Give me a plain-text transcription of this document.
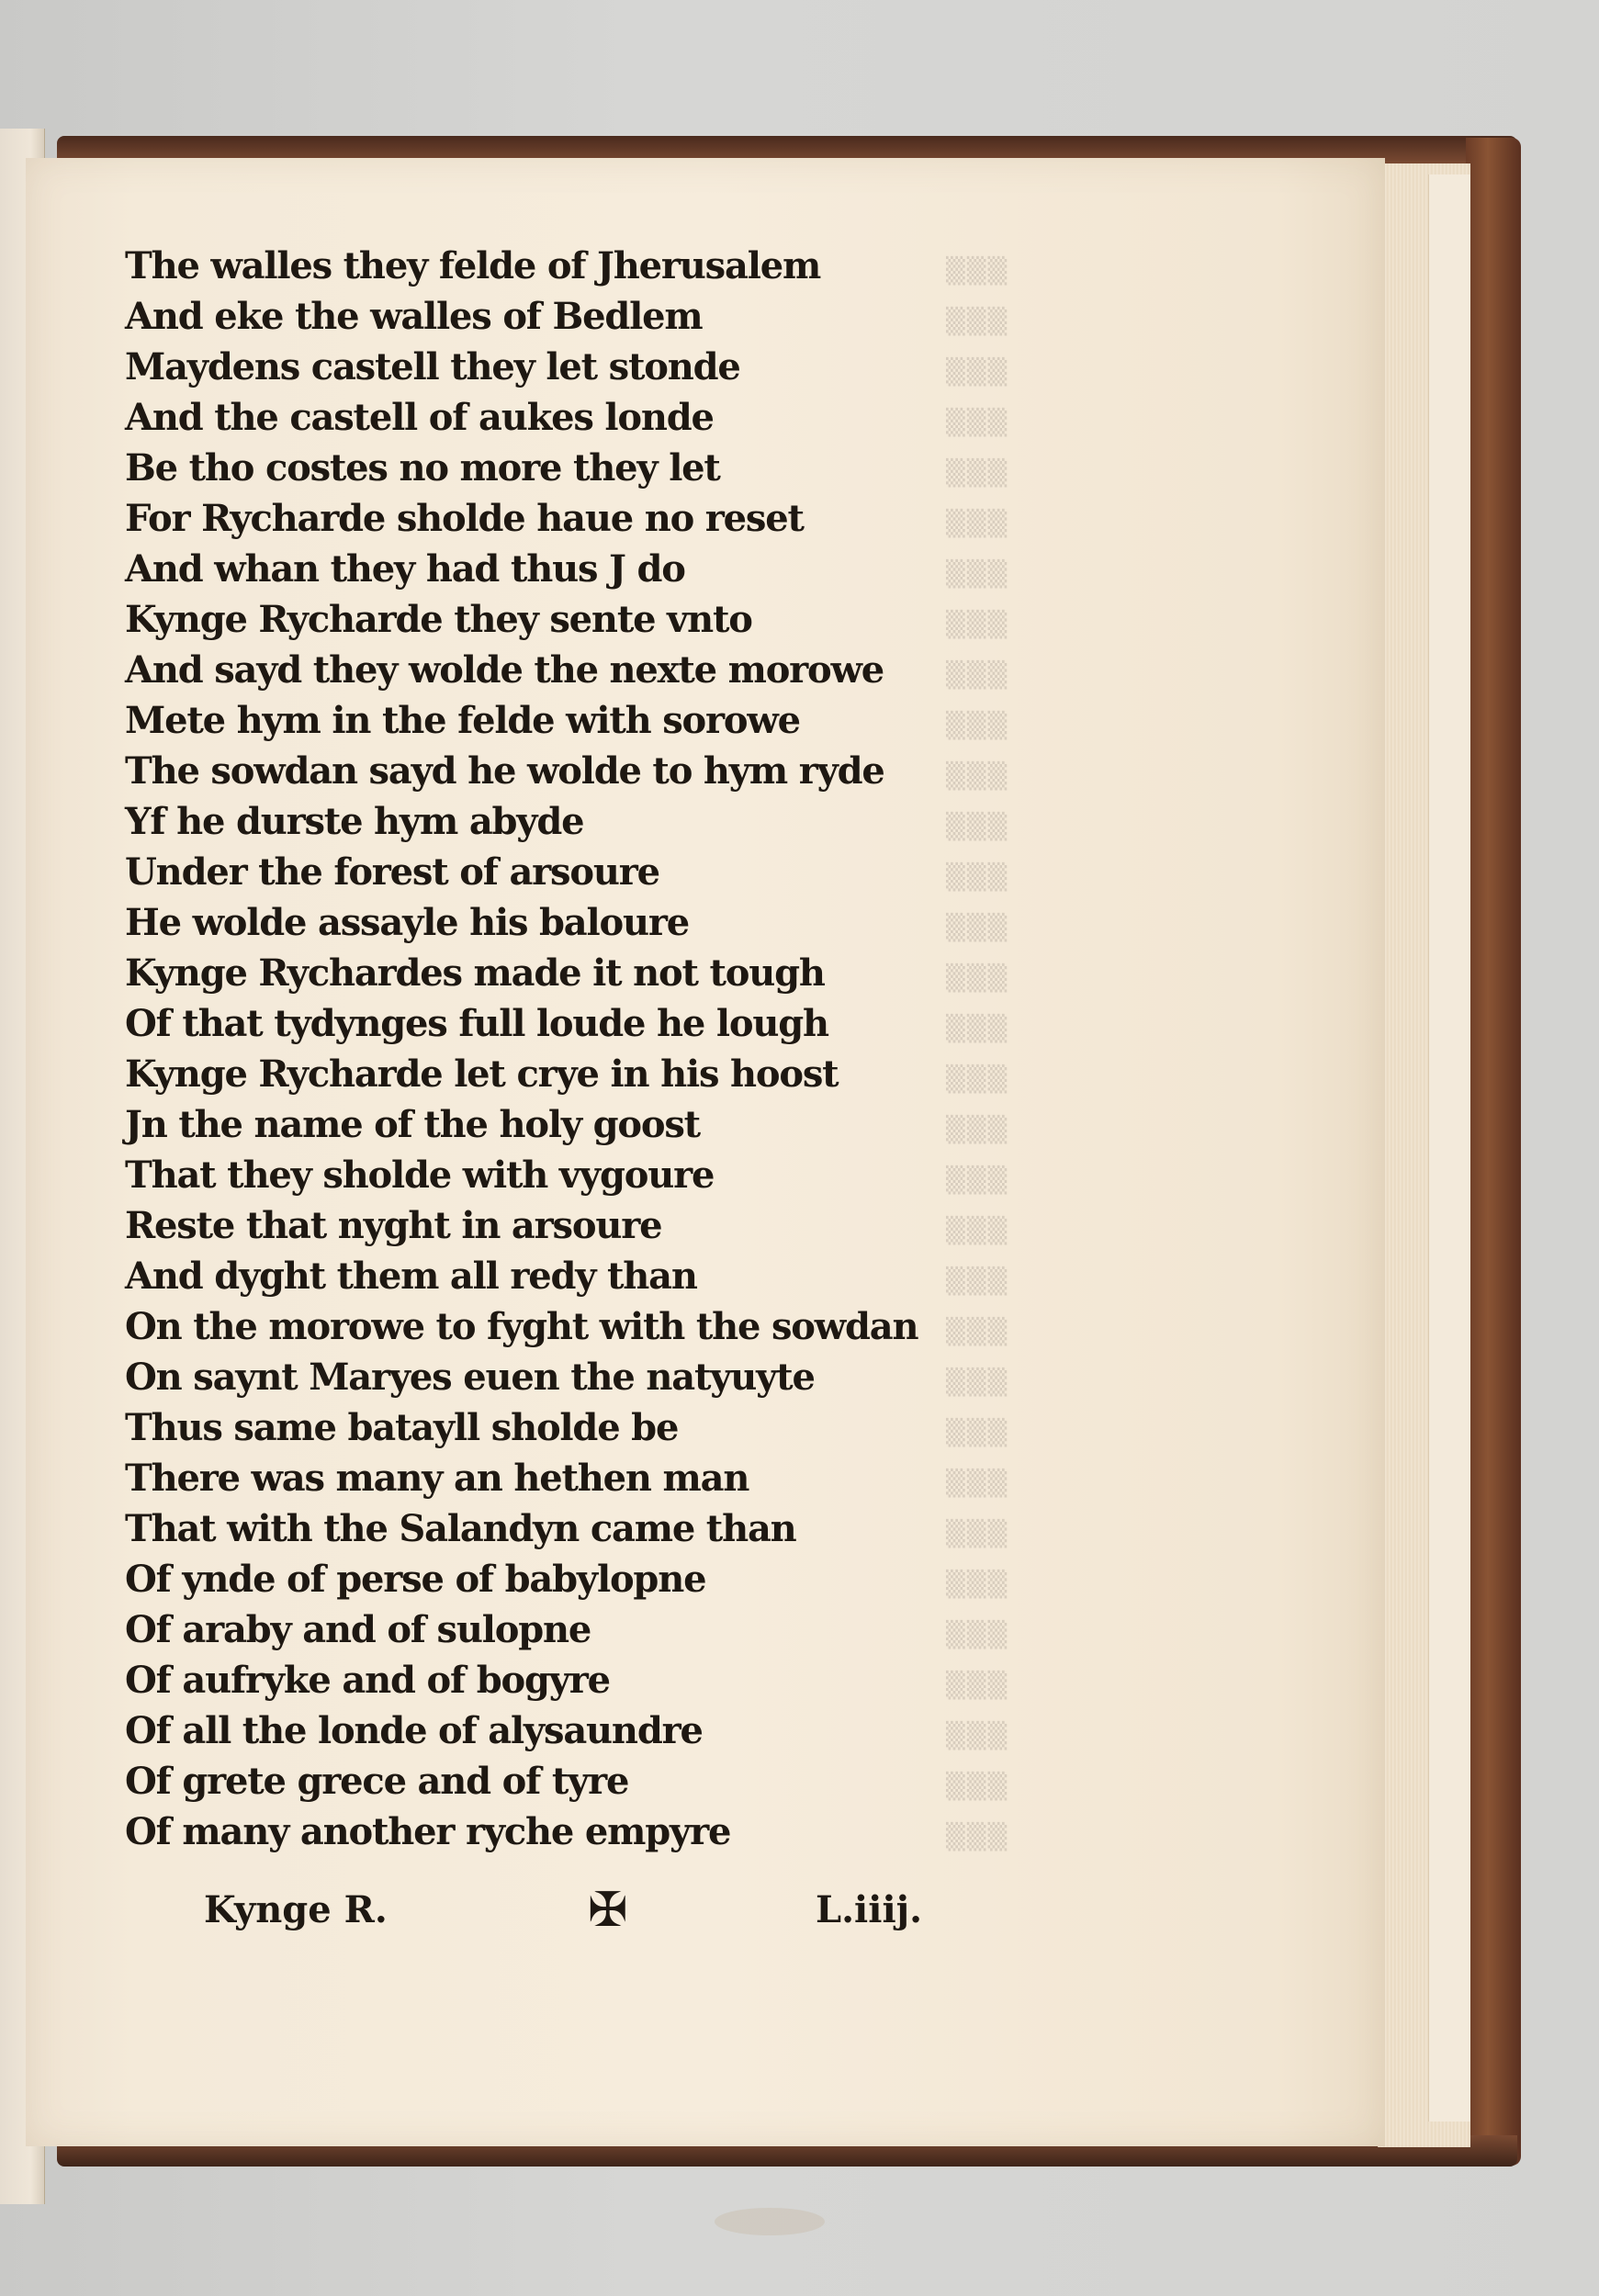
▒▒▒
▒▒▒
▒▒▒
▒▒▒
▒▒▒
▒▒▒
▒▒▒
▒▒▒
▒▒▒
▒▒▒
▒▒▒
▒▒▒
▒▒▒
▒▒▒
▒▒▒
▒▒▒
▒▒▒
▒▒▒
▒▒▒
▒▒▒
▒▒▒
▒▒▒
▒▒▒
▒▒▒
▒▒▒
▒▒▒
▒▒▒
▒▒▒
▒▒▒
▒▒▒
▒▒▒
▒▒▒
The walles they felde of Jherusalem
And eke the walles of Bedlem
Maydens castell they let stonde
And the castell of aukes londe
Be tho costes no more they let
For Rycharde sholde haue no reset
And whan they had thus J do
Kynge Rycharde they sente vnto
And sayd they wolde the nexte morowe
Mete hym in the felde with sorowe
The sowdan sayd he wolde to hym ryde
Yf he durste hym abyde
Under the forest of arsoure
He wolde assayle his baloure
Kynge Rychardes made it not tough
Of that tydynges full loude he lough
Kynge Rycharde let crye in his hoost
Jn the name of the holy goost
That they sholde with vygoure
Reste that nyght in arsoure
And dyght them all redy than
On the morowe to fyght with the sowdan
On saynt Maryes euen the natyuyte
Thus same batayll sholde be
There was many an hethen man
That with the Salandyn came than
Of ynde of perse of babylopne
Of araby and of sulopne
Of aufryke and of bogyre
Of all the londe of alysaundre
Of grete grece and of tyre
Of many another ryche empyre
Kynge R.	✠	L.iiij.
